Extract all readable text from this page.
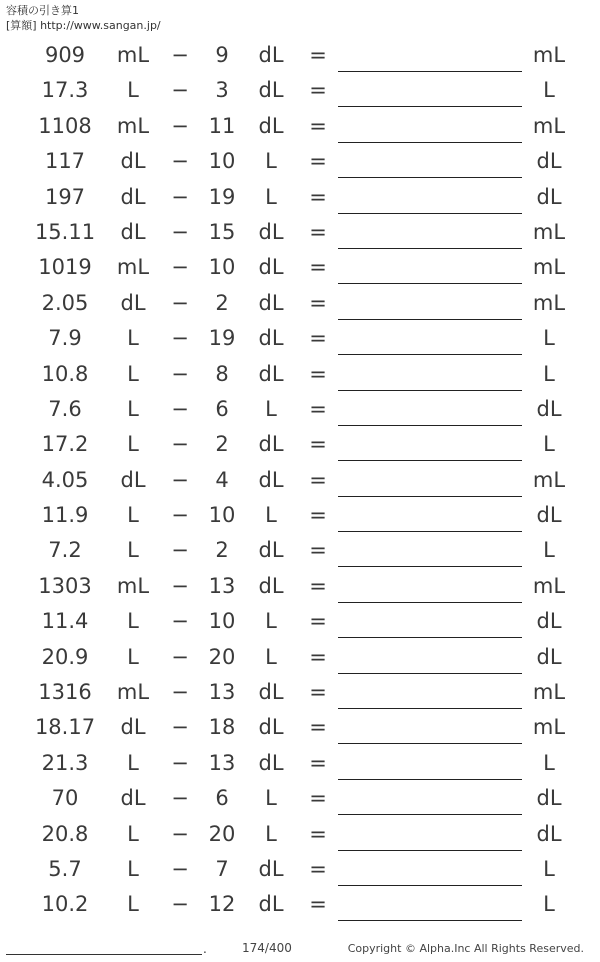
容積の引き算1
[算額] http://www.sangan.jp/
909	mL	−	9	dL	=	mL
17.3	L	−	3	dL	=	L
1108	mL	− 11	dL	=	mL
117	dL	− 10	L	=	dL
197	dL	− 19	L	=	dL
15.11	dL	− 15	dL	=	mL
1019	mL	− 10	dL	=	mL
2.05	dL	−	2	dL	=	mL
7.9	L	− 19	dL	=	L
10.8	L	−	8	dL	=	L
7.6	L	−	6	L	=	dL
17.2	L	−	2	dL	=	L
4.05	dL	−	4	dL	=	mL
11.9	L	− 10	L	=	dL
7.2	L	−	2	dL	=	L
1303	mL	− 13	dL	=	mL
11.4	L	− 10	L	=	dL
20.9	L	− 20	L	=	dL
1316	mL	− 13	dL	=	mL
18.17	dL	− 18	dL	=	mL
21.3	L	− 13	dL	=	L
70	dL	−	6	L	=	dL
20.8	L	− 20	L	=	dL
5.7	L	−	7	dL	=	L
10.2	L	− 12	dL	=	L
.	174/400	Copyright © Alpha.Inc All Rights Reserved.
